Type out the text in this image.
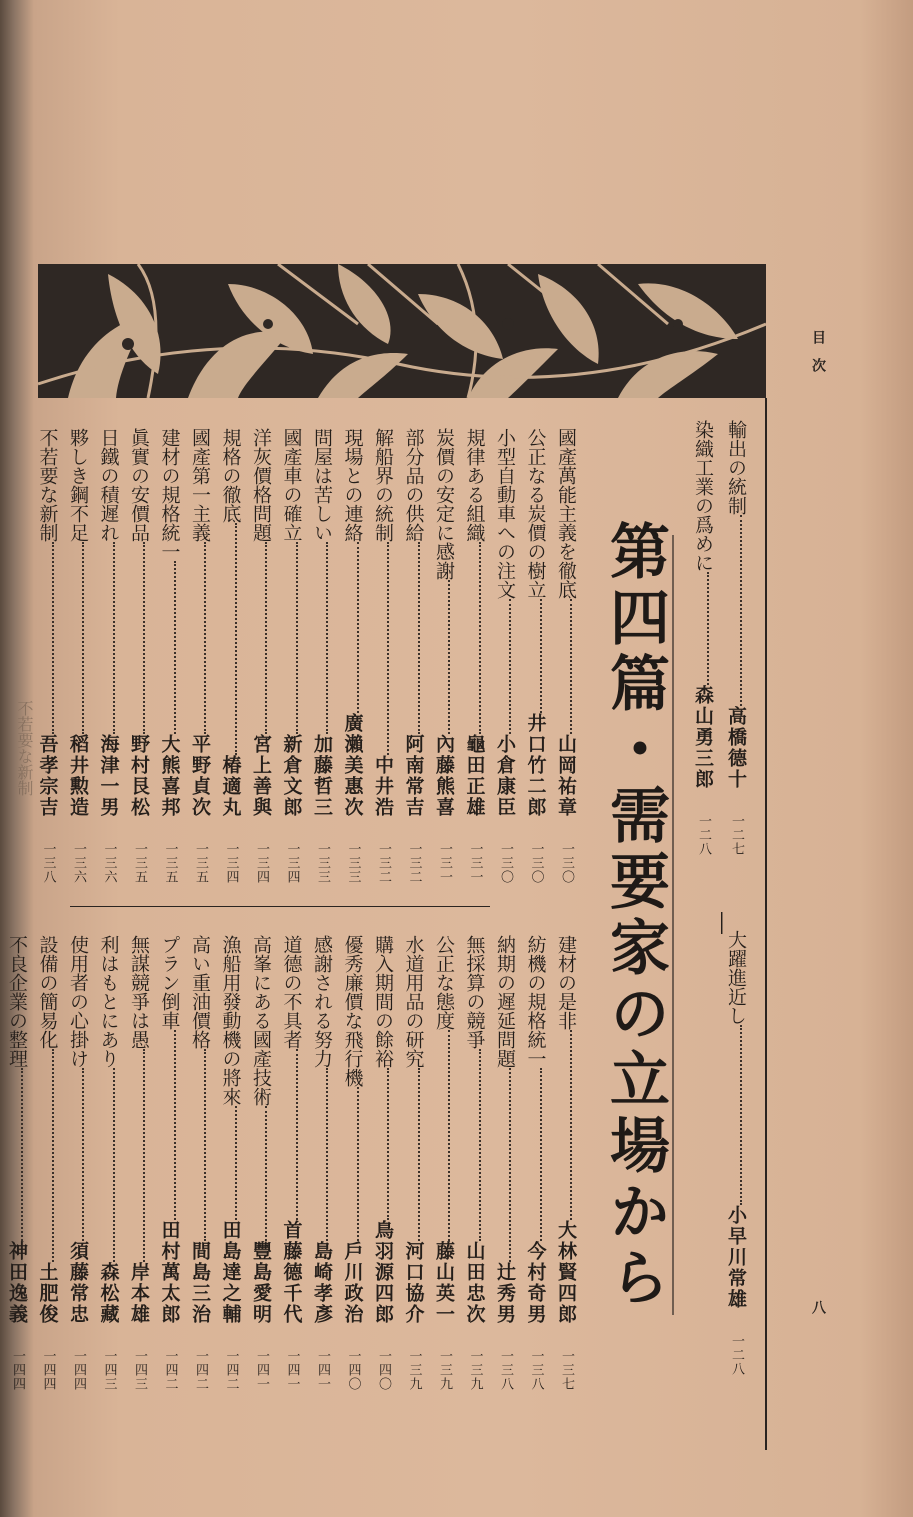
不若要な新制
目　次
八
第四篇・需要家の立場から ―
輸出の統制高橋德十　一二七
染織工業の爲めに森山勇三郎　一二八
大躍進近し小早川常雄　一二八
國產萬能主義を徹底山岡祐章　一三〇
公正なる炭價の樹立井口竹二郎　一三〇
小型自動車への注文小倉康臣　一三〇
規律ある組織龜田正雄　一三一
炭價の安定に感謝內藤熊喜　一三一
部分品の供給阿南常吉　一三二
解船界の統制中井浩　一三二
現場との連絡廣瀨美惠次　一三三
問屋は苦しい加藤哲三　一三三
國產車の確立新倉文郎　一三四
洋灰價格問題宮上善與　一三四
規格の徹底椿適丸　一三四
國產第一主義平野貞次　一三五
建材の規格統一大熊喜邦　一三五
眞實の安價品野村艮松　一三五
日鐵の積遲れ海津一男　一三六
夥しき鋼不足稻井勲造　一三六
不若要な新制吾孝宗吉　一三八
建材の是非大林賢四郎　一三七
紡機の規格統一今村奇男　一三八
納期の遲延問題辻秀男　一三八
無採算の競爭山田忠次　一三九
公正な態度藤山英一　一三九
水道用品の研究河口協介　一三九
購入期間の餘裕鳥羽源四郎　一四〇
優秀廉價な飛行機戶川政治　一四〇
感謝される努力島崎孝彥　一四一
道德の不具者首藤德千代　一四一
高峯にある國產技術豐島愛明　一四一
漁船用發動機の將來田島達之輔　一四二
高い重油價格間島三治　一四二
プラン倒車田村萬太郎　一四二
無謀競爭は愚岸本雄　一四三
利はもとにあり森松藏　一四三
使用者の心掛け須藤常忠　一四四
設備の簡易化土肥俊　一四四
不良企業の整理神田逸義　一四四
